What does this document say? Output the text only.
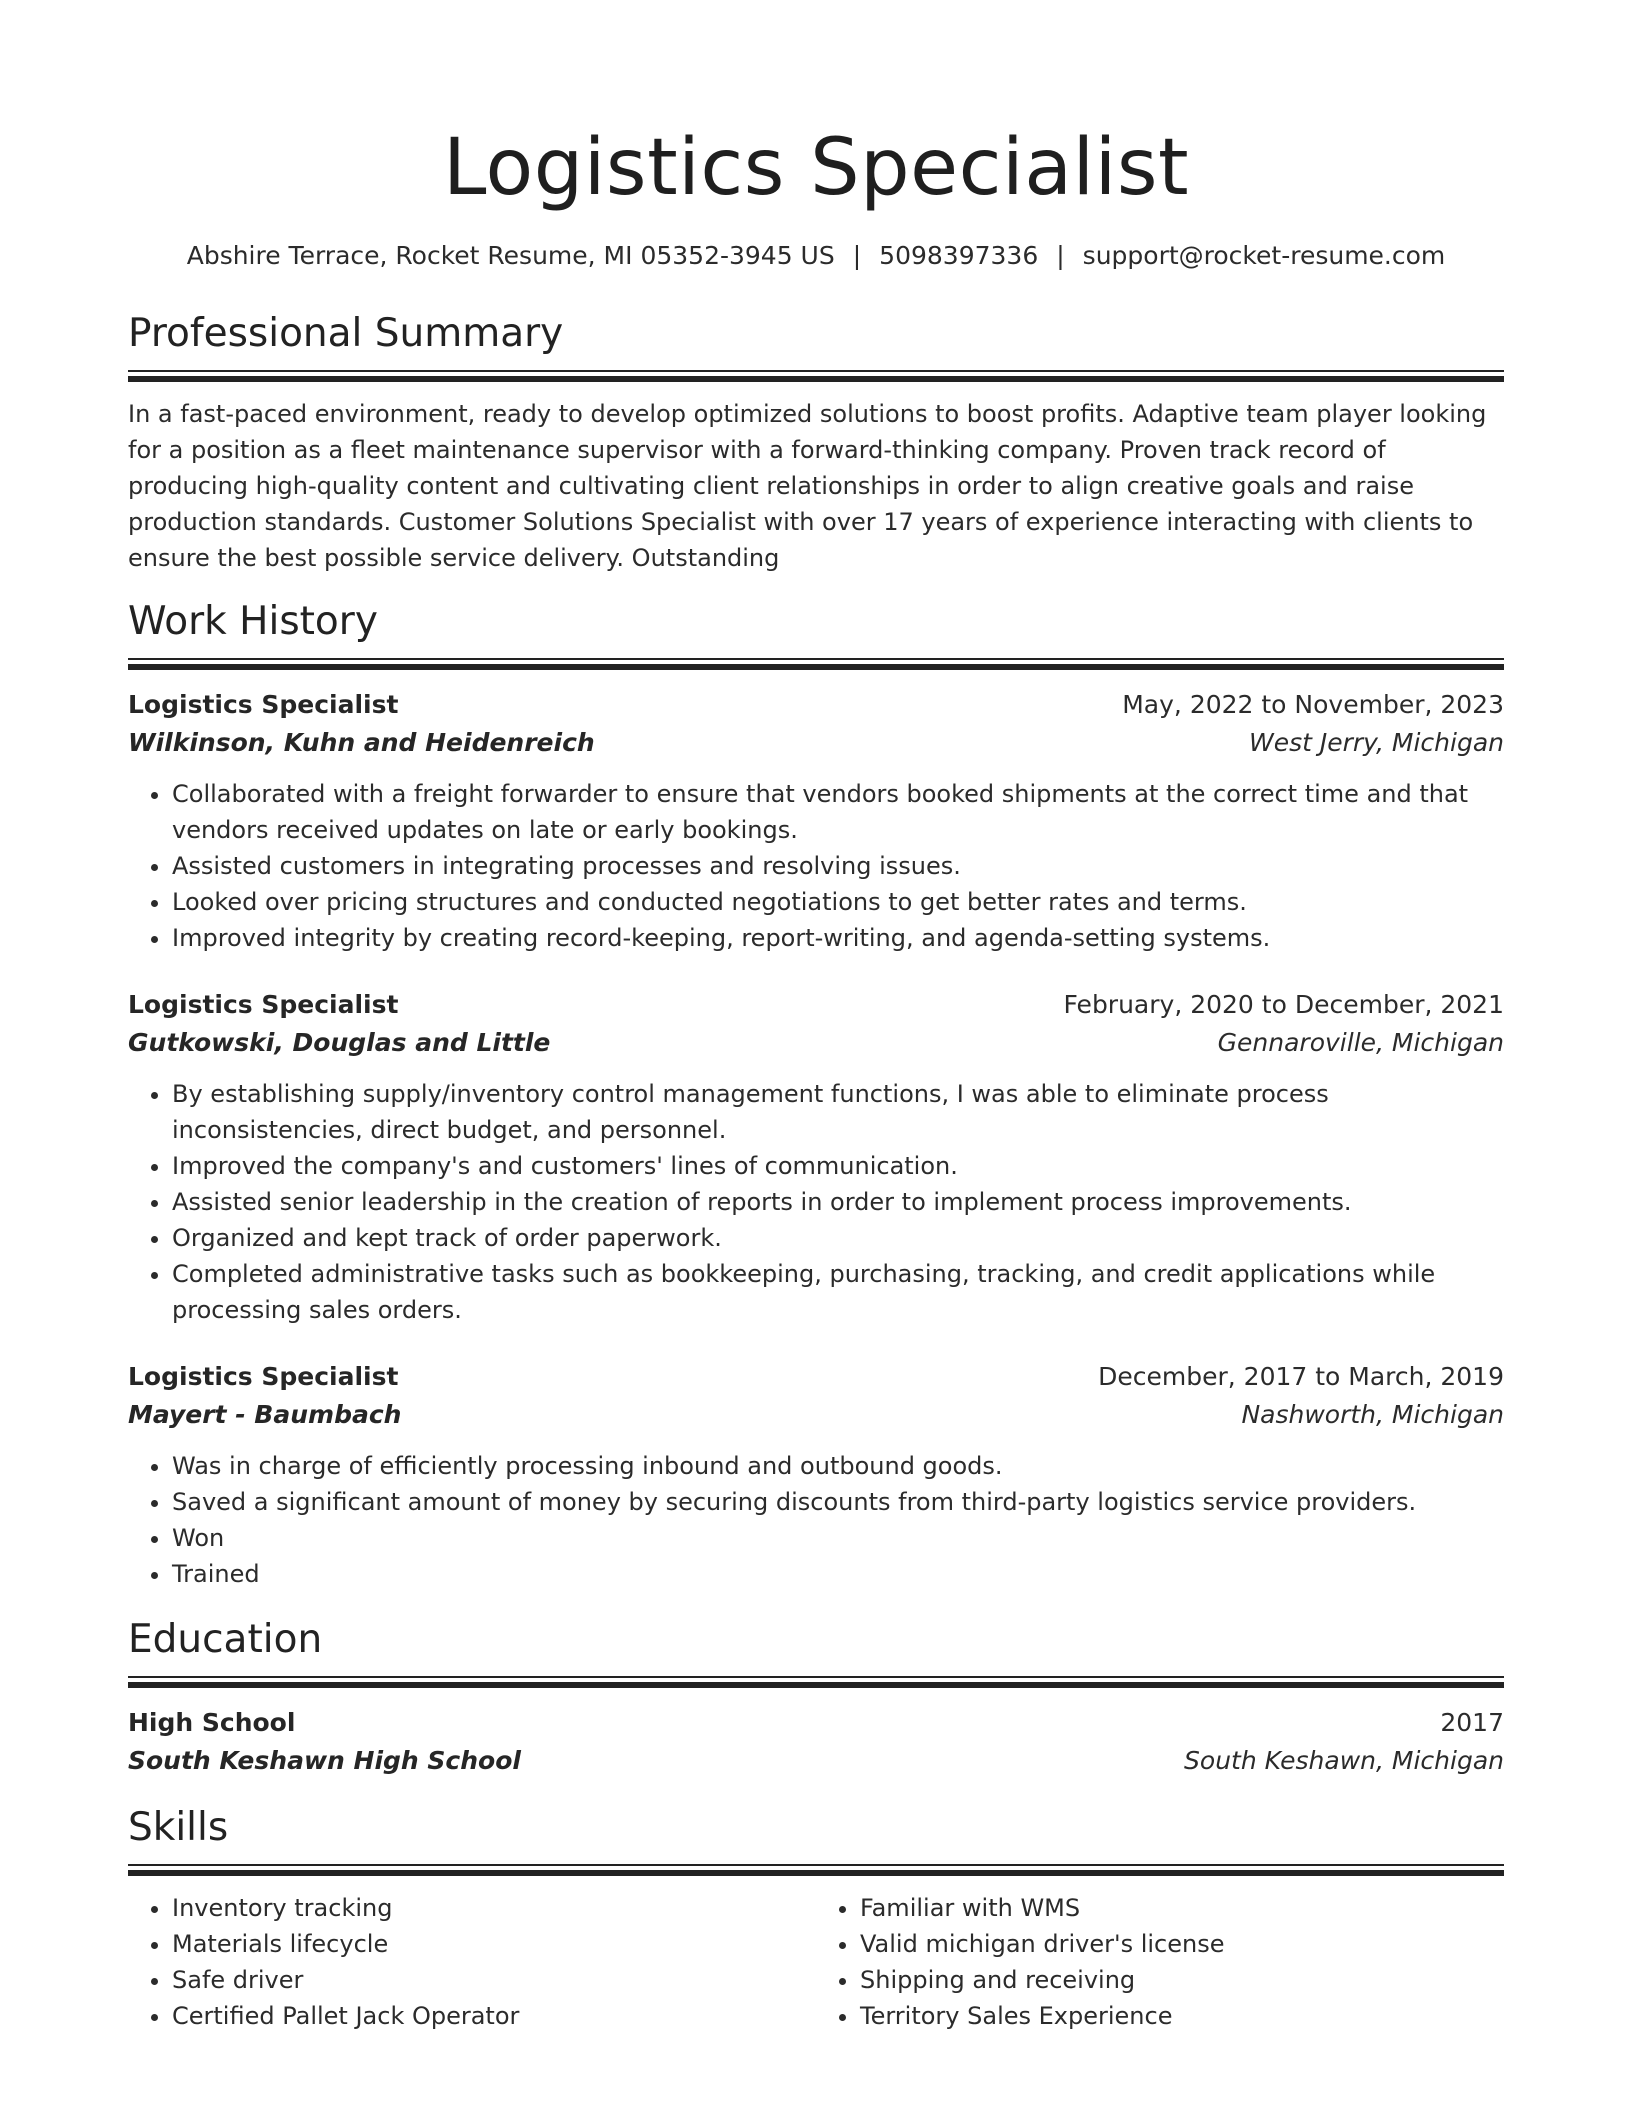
Logistics Specialist
Abshire Terrace, Rocket Resume, MI 05352-3945 US | 5098397336 | support@rocket-resume.com
Professional Summary
In a fast-paced environment, ready to develop optimized solutions to boost profits. Adaptive team player looking for a position as a fleet maintenance supervisor with a forward-thinking company. Proven track record of producing high-quality content and cultivating client relationships in order to align creative goals and raise production standards. Customer Solutions Specialist with over 17 years of experience interacting with clients to ensure the best possible service delivery. Outstanding
Work History
Logistics Specialist	May, 2022 to November, 2023
Wilkinson, Kuhn and Heidenreich	West Jerry, Michigan
• Collaborated with a freight forwarder to ensure that vendors booked shipments at the correct time and that vendors received updates on late or early bookings.
• Assisted customers in integrating processes and resolving issues.
• Looked over pricing structures and conducted negotiations to get better rates and terms.
• Improved integrity by creating record-keeping, report-writing, and agenda-setting systems.
Logistics Specialist	February, 2020 to December, 2021
Gutkowski, Douglas and Little	Gennaroville, Michigan
• By establishing supply/inventory control management functions, I was able to eliminate process inconsistencies, direct budget, and personnel.
• Improved the company's and customers' lines of communication.
• Assisted senior leadership in the creation of reports in order to implement process improvements.
• Organized and kept track of order paperwork.
• Completed administrative tasks such as bookkeeping, purchasing, tracking, and credit applications while processing sales orders.
Logistics Specialist	December, 2017 to March, 2019
Mayert - Baumbach	Nashworth, Michigan
• Was in charge of efficiently processing inbound and outbound goods.
• Saved a significant amount of money by securing discounts from third-party logistics service providers.
• Won
• Trained
Education
High School	2017
South Keshawn High School	South Keshawn, Michigan
Skills
• Inventory tracking
• Materials lifecycle
• Safe driver
• Certified Pallet Jack Operator
• Familiar with WMS
• Valid michigan driver's license
• Shipping and receiving
• Territory Sales Experience
